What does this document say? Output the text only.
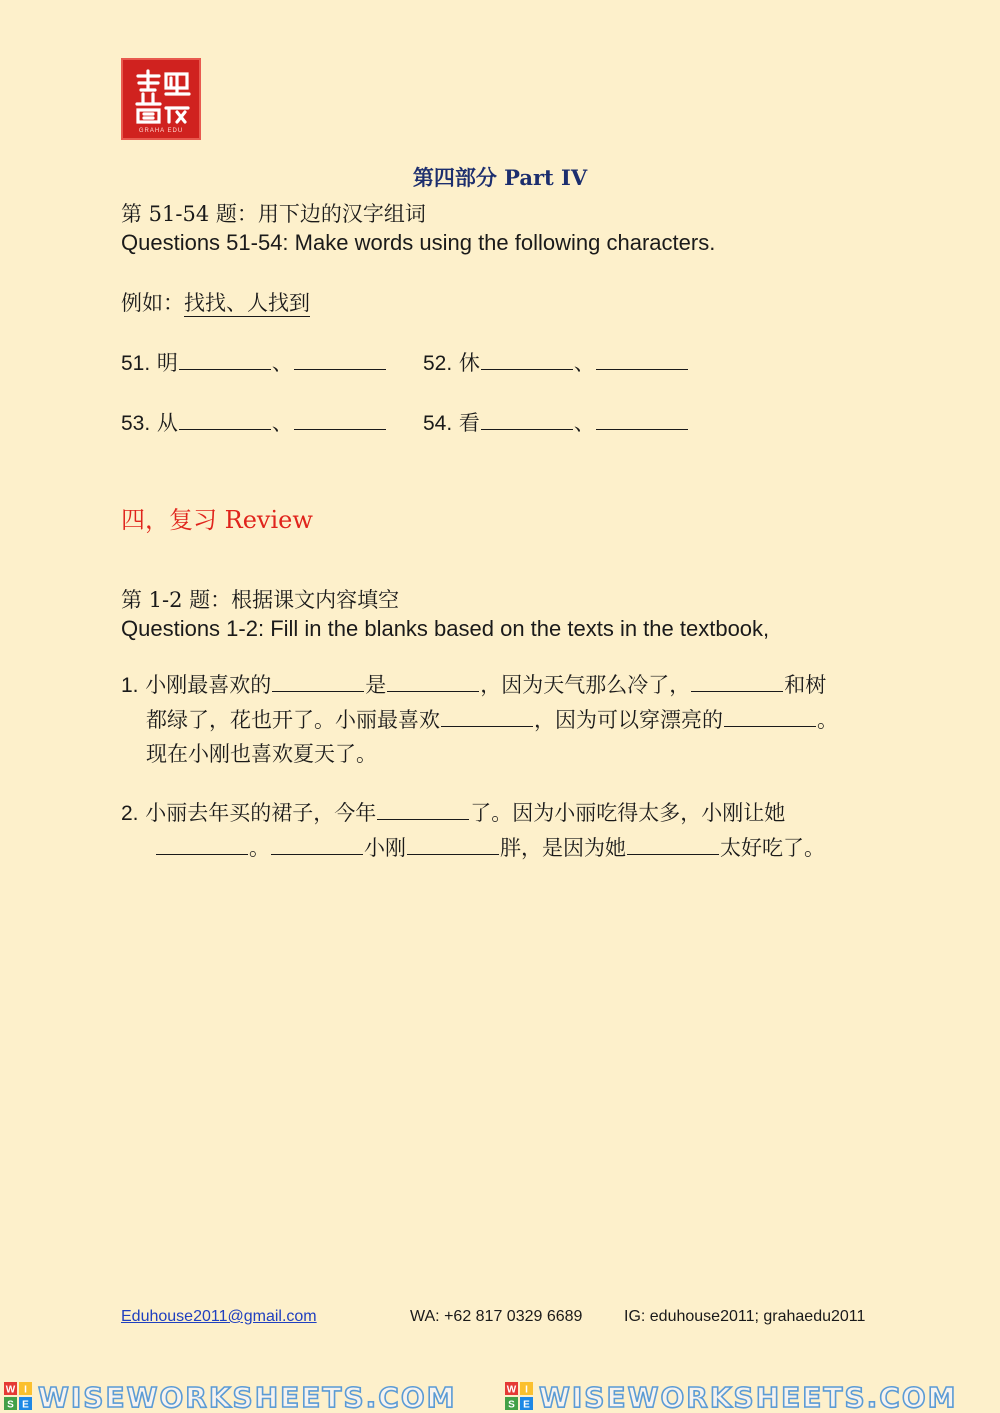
GRAHA EDU
第四部分 Part IV
第 51-54 题：用下边的汉字组词
Questions 51-54: Make words using the following characters.
例如：找找、人找到
51. 明	、	52. 休	、
53. 从	、	54. 看	、
四，复习 Review
第 1-2 题：根据课文内容填空
Questions 1-2: Fill in the blanks based on the texts in the textbook,
1. 小刚最喜欢的	是	，因为天气那么冷了，	和树
都绿了，花也开了。小丽最喜欢	，因为可以穿漂亮的	。
现在小刚也喜欢夏天了。
2. 小丽去年买的裙子，今年	了。因为小丽吃得太多，小刚让她
。	小刚	胖，是因为她	太好吃了。
Eduhouse2011@gmail.com	WA: +62 817 0329 6689	IG: eduhouse2011; grahaedu2011
W I
S E WISEWORKSHEETS.COM	W I
S E WISEWORKSHEETS.COM
